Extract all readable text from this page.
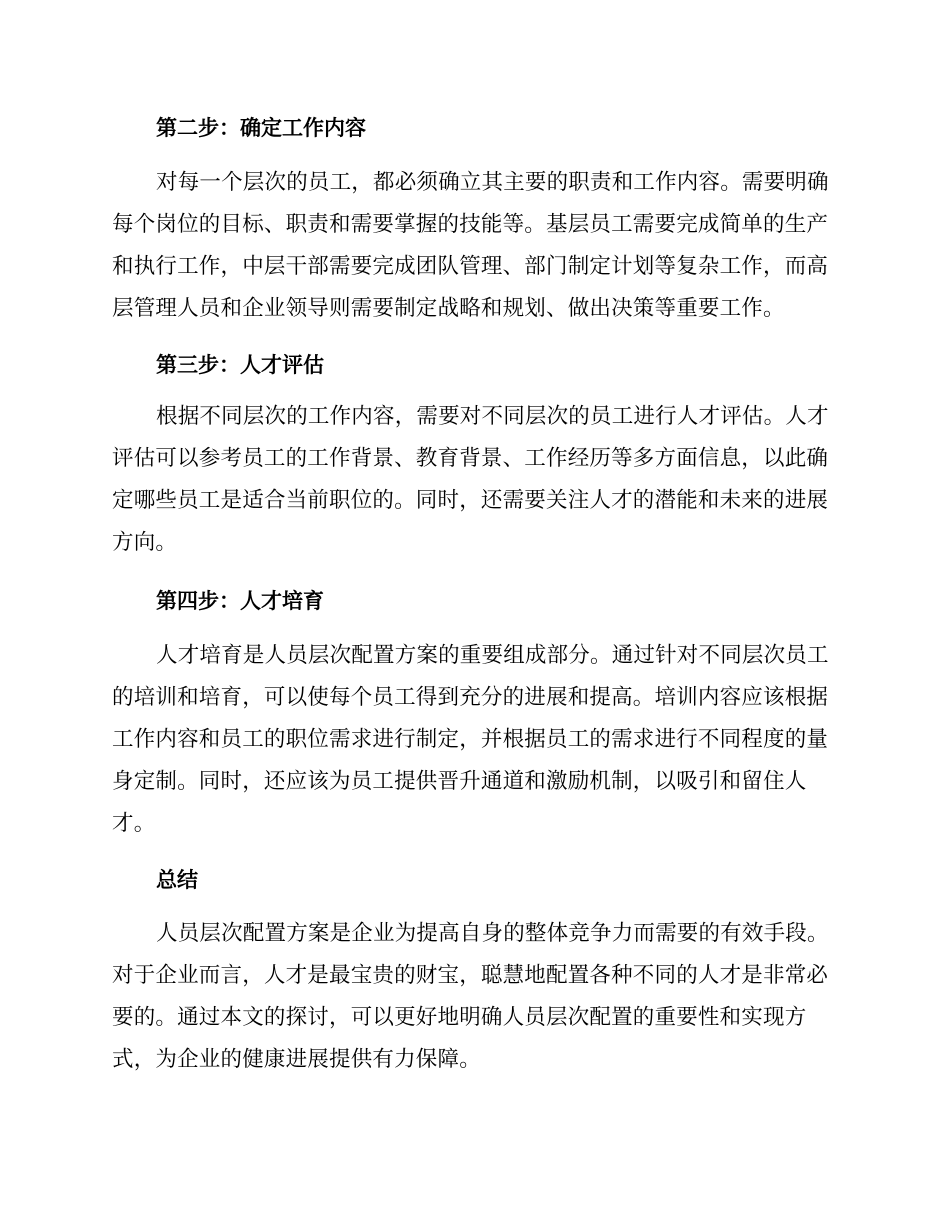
第二步：确定工作内容
对每一个层次的员工，都必须确立其主要的职责和工作内容。需要明确
每个岗位的目标、职责和需要掌握的技能等。基层员工需要完成简单的生产
和执行工作，中层干部需要完成团队管理、部门制定计划等复杂工作，而高
层管理人员和企业领导则需要制定战略和规划、做出决策等重要工作。
第三步：人才评估
根据不同层次的工作内容，需要对不同层次的员工进行人才评估。人才
评估可以参考员工的工作背景、教育背景、工作经历等多方面信息，以此确
定哪些员工是适合当前职位的。同时，还需要关注人才的潜能和未来的进展
方向。
第四步：人才培育
人才培育是人员层次配置方案的重要组成部分。通过针对不同层次员工
的培训和培育，可以使每个员工得到充分的进展和提高。培训内容应该根据
工作内容和员工的职位需求进行制定，并根据员工的需求进行不同程度的量
身定制。同时，还应该为员工提供晋升通道和激励机制，以吸引和留住人
才。
总结
人员层次配置方案是企业为提高自身的整体竞争力而需要的有效手段。
对于企业而言，人才是最宝贵的财宝，聪慧地配置各种不同的人才是非常必
要的。通过本文的探讨，可以更好地明确人员层次配置的重要性和实现方
式，为企业的健康进展提供有力保障。
